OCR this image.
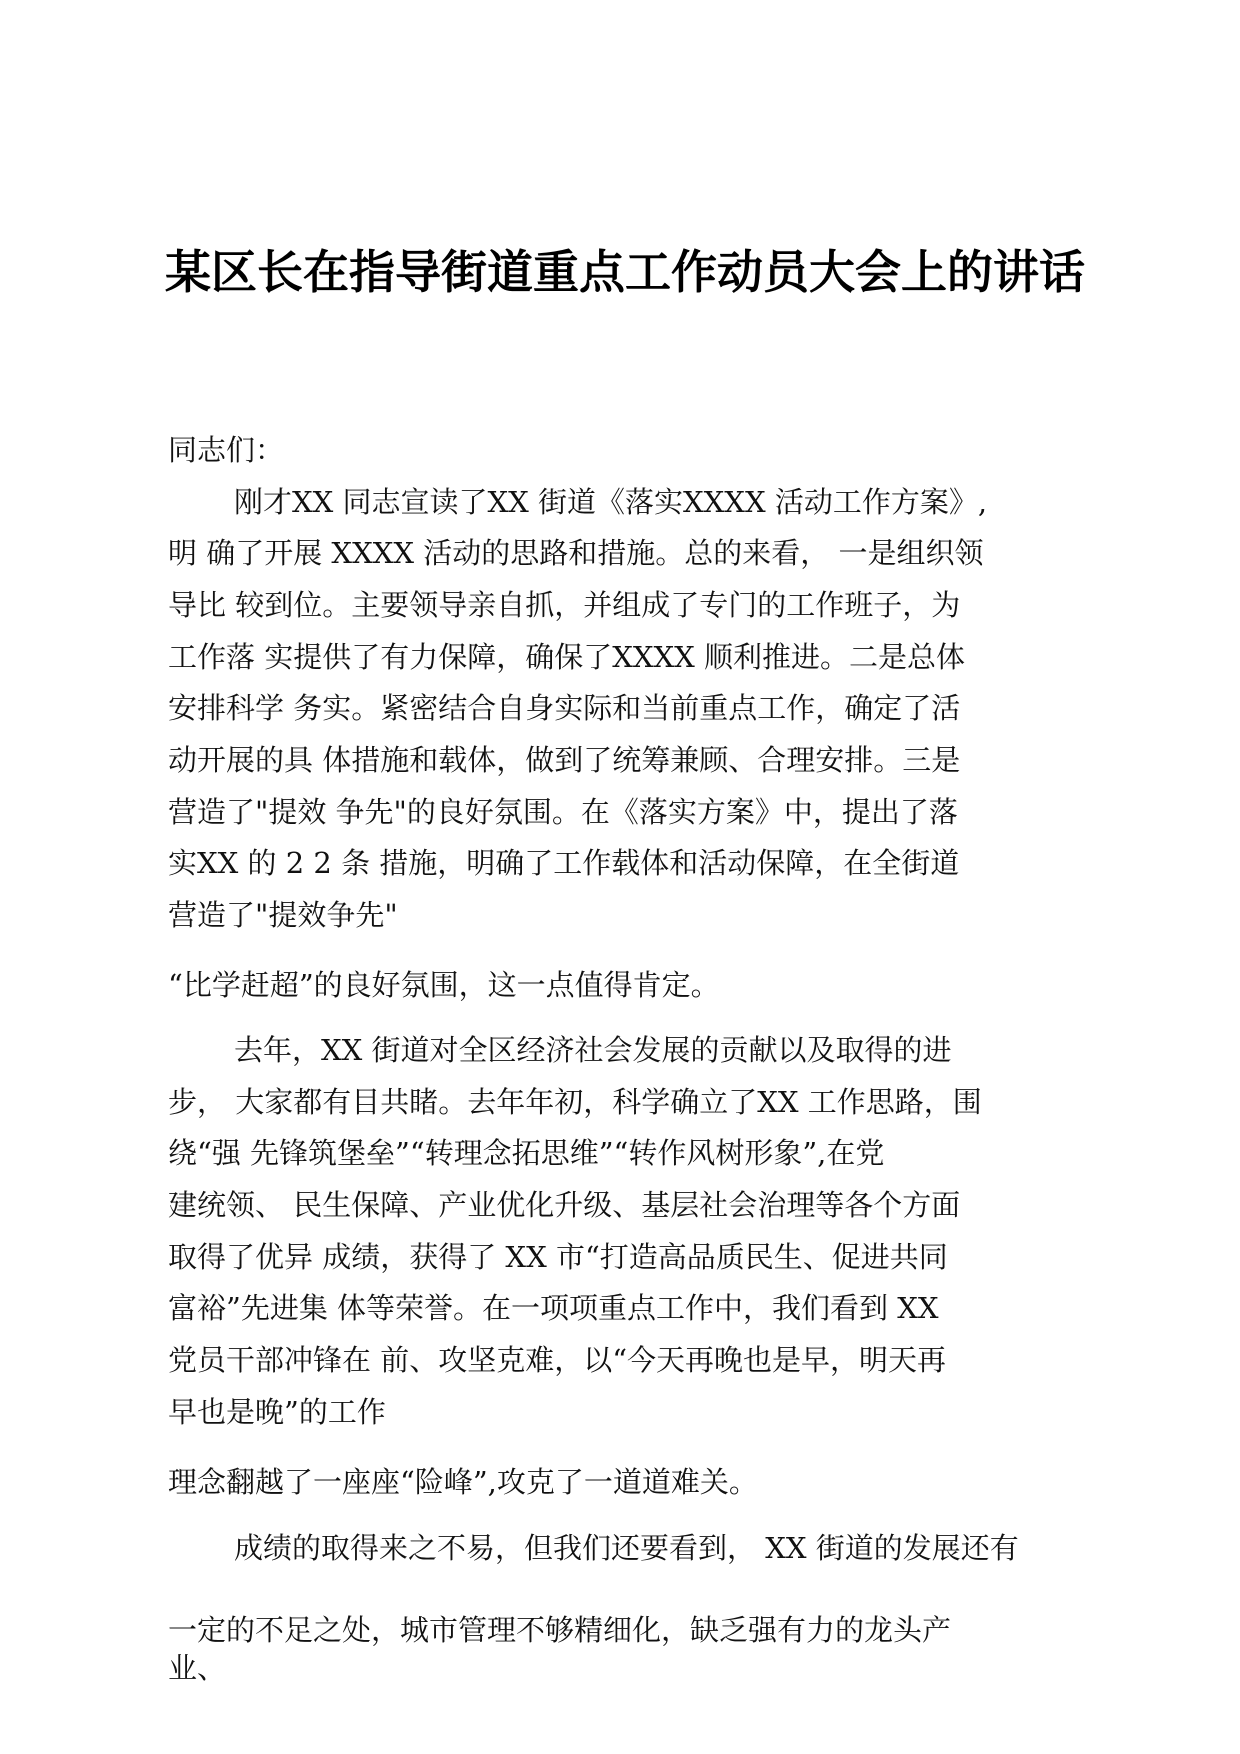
某区长在指导街道重点工作动员大会上的讲话
同志们：
刚才XX 同志宣读了XX 街道《落实XXXX 活动工作方案》,
明 确了开展 XXXX 活动的思路和措施。总的来看， 一是组织领
导比 较到位。主要领导亲自抓，并组成了专门的工作班子，为
工作落 实提供了有力保障，确保了XXXX 顺利推进。二是总体
安排科学 务实。紧密结合自身实际和当前重点工作，确定了活
动开展的具 体措施和载体，做到了统筹兼顾、合理安排。三是
营造了"提效 争先"的良好氛围。在《落实方案》中，提出了落
实XX 的 2 2 条 措施，明确了工作载体和活动保障，在全街道
营造了"提效争先"
“比学赶超”的良好氛围，这一点值得肯定。
去年，XX 街道对全区经济社会发展的贡献以及取得的进
步， 大家都有目共睹。去年年初，科学确立了XX 工作思路，围
绕“强 先锋筑堡垒”“转理念拓思维”“转作风树形象”,在党
建统领、 民生保障、产业优化升级、基层社会治理等各个方面
取得了优异 成绩，获得了 XX 市“打造高品质民生、促进共同
富裕”先进集 体等荣誉。在一项项重点工作中，我们看到 XX
党员干部冲锋在 前、攻坚克难，以“今天再晚也是早，明天再
早也是晚”的工作
理念翻越了一座座“险峰”,攻克了一道道难关。
成绩的取得来之不易，但我们还要看到， XX 街道的发展还有
一定的不足之处，城市管理不够精细化，缺乏强有力的龙头产
业、
